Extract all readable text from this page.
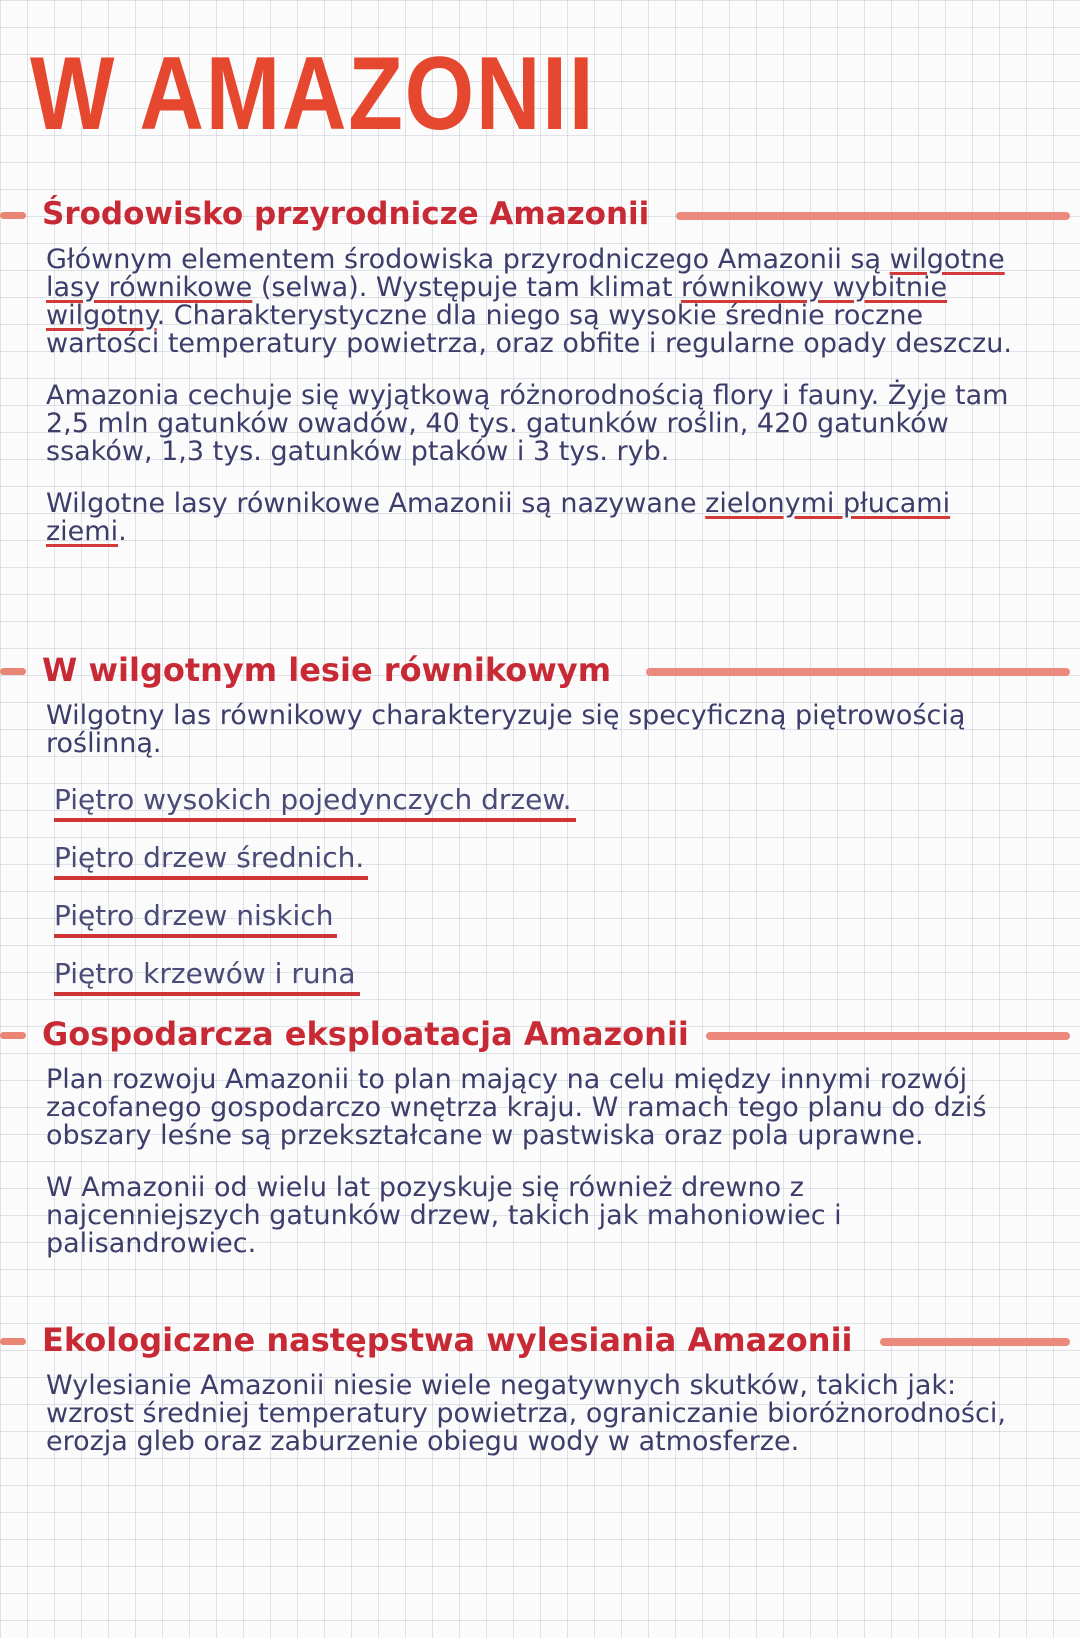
W AMAZONII
Środowisko przyrodnicze Amazonii

Głównym elementem środowiska przyrodniczego Amazonii są wilgotne lasy równikowe (selwa). Występuje tam klimat równikowy wybitnie wilgotny. Charakterystyczne dla niego są wysokie średnie roczne wartości temperatury powietrza, oraz obfite i regularne opady deszczu.

Amazonia cechuje się wyjątkową różnorodnością flory i fauny. Żyje tam 2,5 mln gatunków owadów, 40 tys. gatunków roślin, 420 gatunków ssaków, 1,3 tys. gatunków ptaków i 3 tys. ryb.

Wilgotne lasy równikowe Amazonii są nazywane zielonymi płucami ziemi.

W wilgotnym lesie równikowym

Wilgotny las równikowy charakteryzuje się specyficzną piętrowością roślinną.

Piętro wysokich pojedynczych drzew.
Piętro drzew średnich.
Piętro drzew niskich
Piętro krzewów i runa
Gospodarcza eksploatacja Amazonii

Plan rozwoju Amazonii to plan mający na celu między innymi rozwój zacofanego gospodarczo wnętrza kraju. W ramach tego planu do dziś obszary leśne są przekształcane w pastwiska oraz pola uprawne.

W Amazonii od wielu lat pozyskuje się również drewno z najcenniejszych gatunków drzew, takich jak mahoniowiec i palisandrowiec.

Ekologiczne następstwa wylesiania Amazonii

Wylesianie Amazonii niesie wiele negatywnych skutków, takich jak: wzrost średniej temperatury powietrza, ograniczanie bioróżnorodności, erozja gleb oraz zaburzenie obiegu wody w atmosferze.
